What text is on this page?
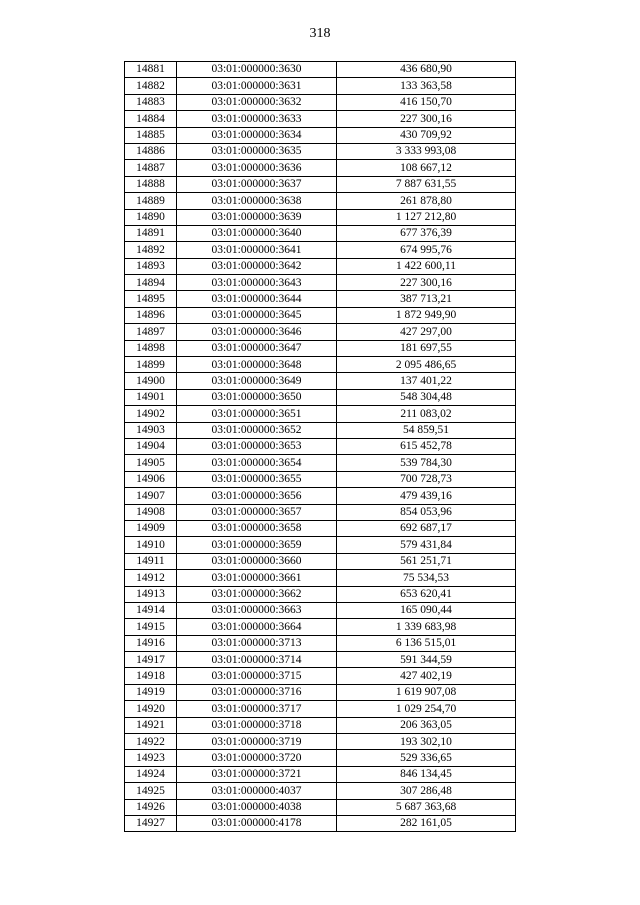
318
14881	03:01:000000:3630	436 680,90
14882	03:01:000000:3631	133 363,58
14883	03:01:000000:3632	416 150,70
14884	03:01:000000:3633	227 300,16
14885	03:01:000000:3634	430 709,92
14886	03:01:000000:3635	3 333 993,08
14887	03:01:000000:3636	108 667,12
14888	03:01:000000:3637	7 887 631,55
14889	03:01:000000:3638	261 878,80
14890	03:01:000000:3639	1 127 212,80
14891	03:01:000000:3640	677 376,39
14892	03:01:000000:3641	674 995,76
14893	03:01:000000:3642	1 422 600,11
14894	03:01:000000:3643	227 300,16
14895	03:01:000000:3644	387 713,21
14896	03:01:000000:3645	1 872 949,90
14897	03:01:000000:3646	427 297,00
14898	03:01:000000:3647	181 697,55
14899	03:01:000000:3648	2 095 486,65
14900	03:01:000000:3649	137 401,22
14901	03:01:000000:3650	548 304,48
14902	03:01:000000:3651	211 083,02
14903	03:01:000000:3652	54 859,51
14904	03:01:000000:3653	615 452,78
14905	03:01:000000:3654	539 784,30
14906	03:01:000000:3655	700 728,73
14907	03:01:000000:3656	479 439,16
14908	03:01:000000:3657	854 053,96
14909	03:01:000000:3658	692 687,17
14910	03:01:000000:3659	579 431,84
14911	03:01:000000:3660	561 251,71
14912	03:01:000000:3661	75 534,53
14913	03:01:000000:3662	653 620,41
14914	03:01:000000:3663	165 090,44
14915	03:01:000000:3664	1 339 683,98
14916	03:01:000000:3713	6 136 515,01
14917	03:01:000000:3714	591 344,59
14918	03:01:000000:3715	427 402,19
14919	03:01:000000:3716	1 619 907,08
14920	03:01:000000:3717	1 029 254,70
14921	03:01:000000:3718	206 363,05
14922	03:01:000000:3719	193 302,10
14923	03:01:000000:3720	529 336,65
14924	03:01:000000:3721	846 134,45
14925	03:01:000000:4037	307 286,48
14926	03:01:000000:4038	5 687 363,68
14927	03:01:000000:4178	282 161,05
